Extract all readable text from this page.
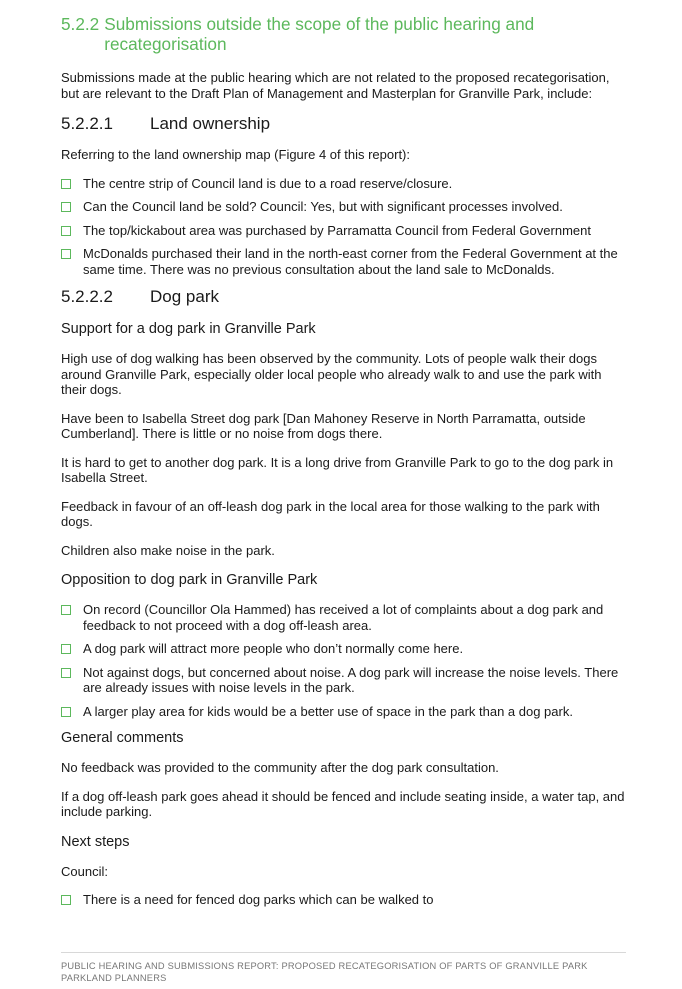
5.2.2 Submissions outside the scope of the public hearing and recategorisation

Submissions made at the public hearing which are not related to the proposed recategorisation, but are relevant to the Draft Plan of Management and Masterplan for Granville Park, include:

5.2.2.1	Land ownership

Referring to the land ownership map (Figure 4 of this report):

The centre strip of Council land is due to a road reserve/closure.
Can the Council land be sold? Council: Yes, but with significant processes involved.
The top/kickabout area was purchased by Parramatta Council from Federal Government
McDonalds purchased their land in the north-east corner from the Federal Government at the same time. There was no previous consultation about the land sale to McDonalds.
5.2.2.2	Dog park
Support for a dog park in Granville Park

High use of dog walking has been observed by the community. Lots of people walk their dogs around Granville Park, especially older local people who already walk to and use the park with their dogs.

Have been to Isabella Street dog park [Dan Mahoney Reserve in North Parramatta, outside Cumberland]. There is little or no noise from dogs there.

It is hard to get to another dog park. It is a long drive from Granville Park to go to the dog park in Isabella Street.

Feedback in favour of an off-leash dog park in the local area for those walking to the park with dogs.

Children also make noise in the park.

Opposition to dog park in Granville Park
On record (Councillor Ola Hammed) has received a lot of complaints about a dog park and feedback to not proceed with a dog off-leash area.
A dog park will attract more people who don’t normally come here.
Not against dogs, but concerned about noise. A dog park will increase the noise levels. There are already issues with noise levels in the park.
A larger play area for kids would be a better use of space in the park than a dog park.
General comments

No feedback was provided to the community after the dog park consultation.

If a dog off-leash park goes ahead it should be fenced and include seating inside, a water tap, and include parking.

Next steps

Council:

There is a need for fenced dog parks which can be walked to
PUBLIC HEARING AND SUBMISSIONS REPORT: PROPOSED RECATEGORISATION OF PARTS OF GRANVILLE PARK
PARKLAND PLANNERS
